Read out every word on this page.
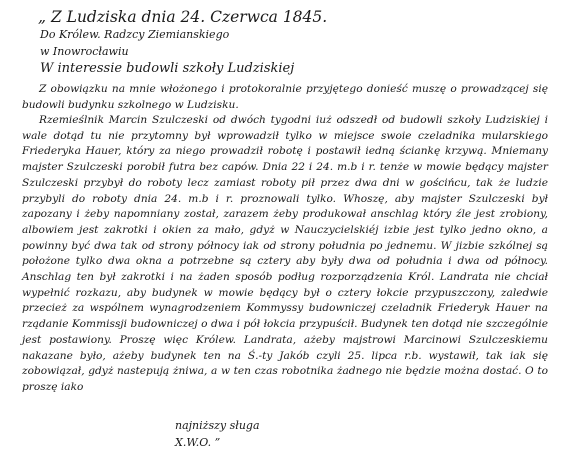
„ Z Ludziska dnia 24. Czerwca 1845.
Do Królew. Radzcy Ziemianskiego
w Inowrocławiu
W interessie budowli szkoły Ludziskiej
Z obowiązku na mnie włożonego i protokoralnie przyjętego donieść muszę o prowadzącej się budowli budynku szkolnego w Ludzisku.
Rzemieślnik Marcin Szulczeski od dwóch tygodni iuż odszedł od budowli szkoły Ludziskiej i wale dotąd tu nie przytomny był wprowadził tylko w miejsce swoie czeladnika mularskiego Friederyka Hauer, który za niego prowadził robotę i postawił iedną ściankę krzywą. Mniemany majster Szulczeski porobił futra bez capów. Dnia 22 i 24. m.b i r. tenże w mowie będący majster Szulczeski przybył do roboty lecz zamiast roboty pił przez dwa dni w gościńcu, tak że ludzie przybyli do roboty dnia 24. m.b i r. proznowali tylko. Whoszę, aby majster Szulczeski był zapozany i żeby napomniany został, zarazem żeby produkował anschlag który źle jest zrobiony, albowiem jest zakrotki i okien za mało, gdyż w Nauczycielskiéj izbie jest tylko jedno okno, a powinny być dwa tak od strony północy iak od strony południa po jednemu. W jizbie szkólnej są położone tylko dwa okna a potrzebne są cztery aby były dwa od południa i dwa od północy. Anschlag ten był zakrotki i na żaden sposób podług rozporządzenia Król. Landrata nie chciał wypełnić rozkazu, aby budynek w mowie będący był o cztery łokcie przypuszczony, zaledwie przecież za wspólnem wynagrodzeniem Kommyssy budowniczej czeladnik Friederyk Hauer na rządanie Kommissji budowniczej o dwa i pół łokcia przypuścił. Budynek ten dotąd nie szczególnie jest postawiony. Proszę więc Królew. Landrata, ażeby majstrowi Marcinowi Szulczeskiemu nakazane było, ażeby budynek ten na Ś.-ty Jakób czyli 25. lipca r.b. wystawił, tak iak się zobowiązał, gdyż nastepują żniwa, a w ten czas robotnika żadnego nie będzie można dostać. O to proszę iako
najniższy sługa
X.W.O. ”
